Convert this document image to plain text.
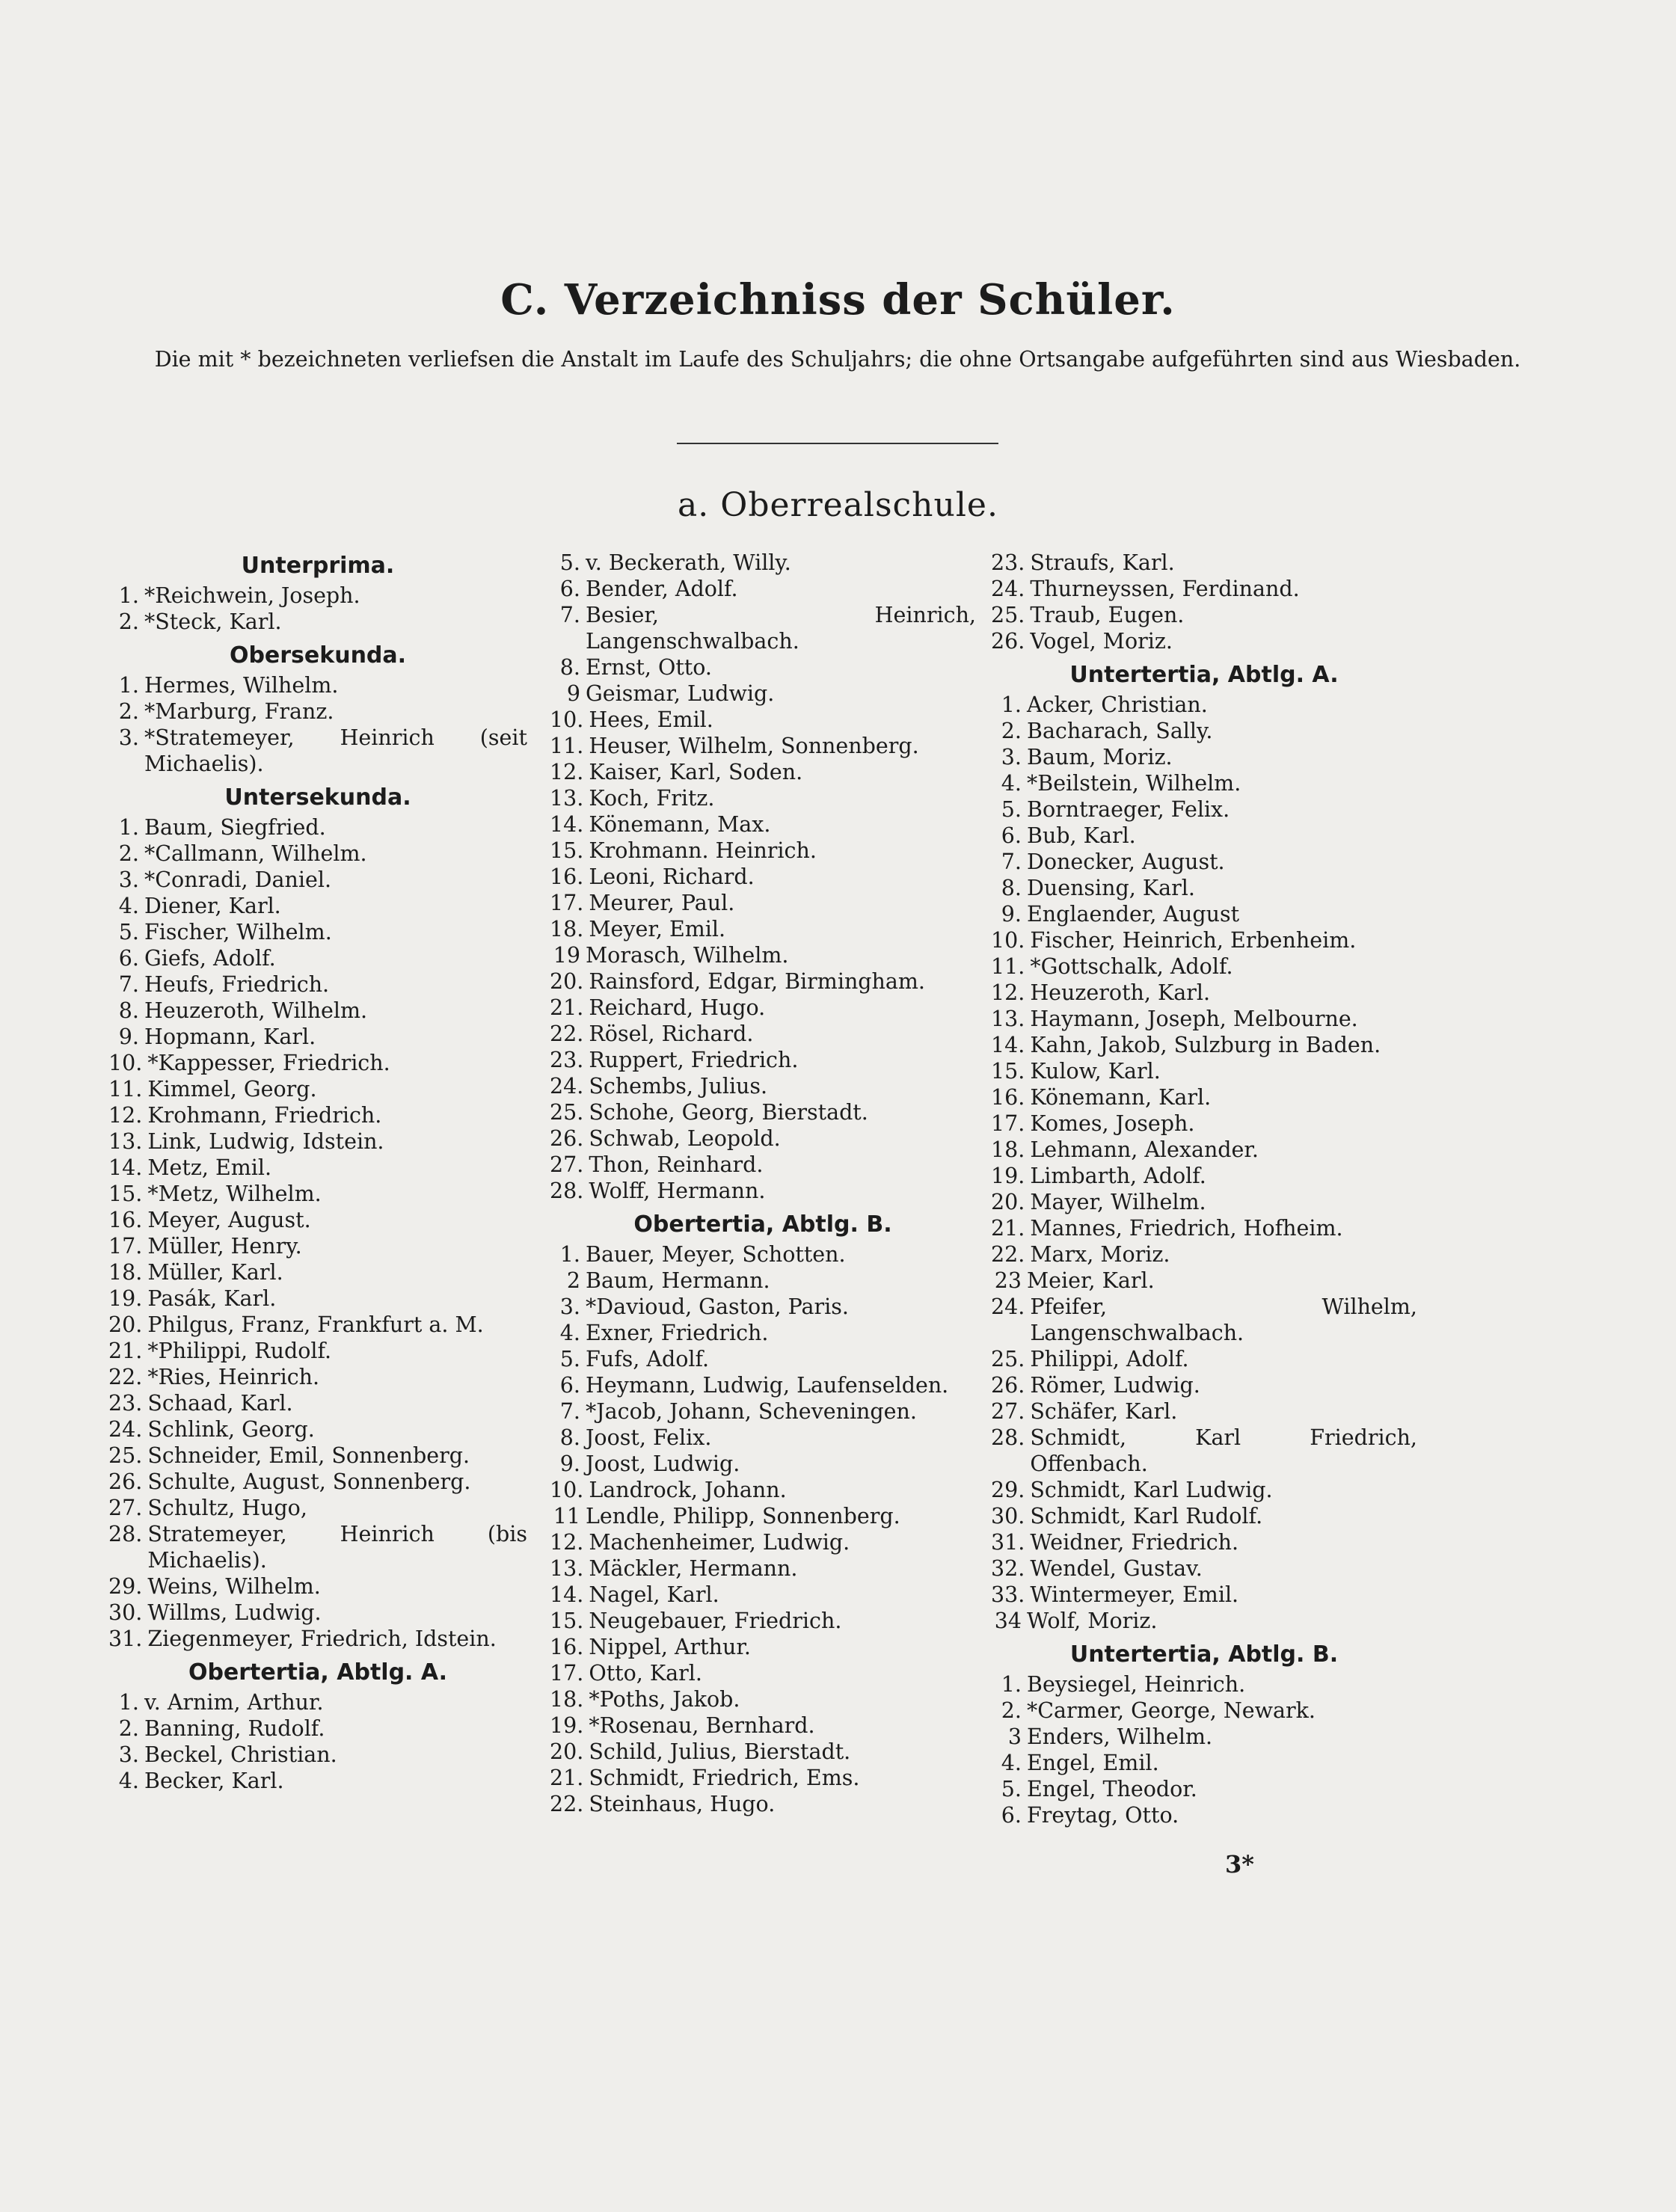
C. Verzeichniss der Schüler.
Die mit * bezeichneten verliefsen die Anstalt im Laufe des Schuljahrs; die ohne Ortsangabe aufgeführten sind aus Wiesbaden.
a. Oberrealschule.
Unterprima.
1. *Reichwein, Joseph.
2. *Steck, Karl.
Obersekunda.
1. Hermes, Wilhelm.
2. *Marburg, Franz.
3. *Stratemeyer, Heinrich (seit Michaelis).
Untersekunda.
1. Baum, Siegfried.
2. *Callmann, Wilhelm.
3. *Conradi, Daniel.
4. Diener, Karl.
5. Fischer, Wilhelm.
6. Giefs, Adolf.
7. Heufs, Friedrich.
8. Heuzeroth, Wilhelm.
9. Hopmann, Karl.
10. *Kappesser, Friedrich.
11. Kimmel, Georg.
12. Krohmann, Friedrich.
13. Link, Ludwig, Idstein.
14. Metz, Emil.
15. *Metz, Wilhelm.
16. Meyer, August.
17. Müller, Henry.
18. Müller, Karl.
19. Pasák, Karl.
20. Philgus, Franz, Frankfurt a. M.
21. *Philippi, Rudolf.
22. *Ries, Heinrich.
23. Schaad, Karl.
24. Schlink, Georg.
25. Schneider, Emil, Sonnenberg.
26. Schulte, August, Sonnenberg.
27. Schultz, Hugo,
28. Stratemeyer, Heinrich (bis Michaelis).
29. Weins, Wilhelm.
30. Willms, Ludwig.
31. Ziegenmeyer, Friedrich, Idstein.
Obertertia, Abtlg. A.
1. v. Arnim, Arthur.
2. Banning, Rudolf.
3. Beckel, Christian.
4. Becker, Karl.
5. v. Beckerath, Willy.
6. Bender, Adolf.
7. Besier, Heinrich, Langenschwalbach.
8. Ernst, Otto.
9 Geismar, Ludwig.
10. Hees, Emil.
11. Heuser, Wilhelm, Sonnenberg.
12. Kaiser, Karl, Soden.
13. Koch, Fritz.
14. Könemann, Max.
15. Krohmann. Heinrich.
16. Leoni, Richard.
17. Meurer, Paul.
18. Meyer, Emil.
19 Morasch, Wilhelm.
20. Rainsford, Edgar, Birmingham.
21. Reichard, Hugo.
22. Rösel, Richard.
23. Ruppert, Friedrich.
24. Schembs, Julius.
25. Schohe, Georg, Bierstadt.
26. Schwab, Leopold.
27. Thon, Reinhard.
28. Wolff, Hermann.
Obertertia, Abtlg. B.
1. Bauer, Meyer, Schotten.
2 Baum, Hermann.
3. *Davioud, Gaston, Paris.
4. Exner, Friedrich.
5. Fufs, Adolf.
6. Heymann, Ludwig, Laufenselden.
7. *Jacob, Johann, Scheveningen.
8. Joost, Felix.
9. Joost, Ludwig.
10. Landrock, Johann.
11 Lendle, Philipp, Sonnenberg.
12. Machenheimer, Ludwig.
13. Mäckler, Hermann.
14. Nagel, Karl.
15. Neugebauer, Friedrich.
16. Nippel, Arthur.
17. Otto, Karl.
18. *Poths, Jakob.
19. *Rosenau, Bernhard.
20. Schild, Julius, Bierstadt.
21. Schmidt, Friedrich, Ems.
22. Steinhaus, Hugo.
23. Straufs, Karl.
24. Thurneyssen, Ferdinand.
25. Traub, Eugen.
26. Vogel, Moriz.
Untertertia, Abtlg. A.
1. Acker, Christian.
2. Bacharach, Sally.
3. Baum, Moriz.
4. *Beilstein, Wilhelm.
5. Borntraeger, Felix.
6. Bub, Karl.
7. Donecker, August.
8. Duensing, Karl.
9. Englaender, August
10. Fischer, Heinrich, Erbenheim.
11. *Gottschalk, Adolf.
12. Heuzeroth, Karl.
13. Haymann, Joseph, Melbourne.
14. Kahn, Jakob, Sulzburg in Baden.
15. Kulow, Karl.
16. Könemann, Karl.
17. Komes, Joseph.
18. Lehmann, Alexander.
19. Limbarth, Adolf.
20. Mayer, Wilhelm.
21. Mannes, Friedrich, Hofheim.
22. Marx, Moriz.
23 Meier, Karl.
24. Pfeifer, Wilhelm, Langenschwalbach.
25. Philippi, Adolf.
26. Römer, Ludwig.
27. Schäfer, Karl.
28. Schmidt, Karl Friedrich, Offenbach.
29. Schmidt, Karl Ludwig.
30. Schmidt, Karl Rudolf.
31. Weidner, Friedrich.
32. Wendel, Gustav.
33. Wintermeyer, Emil.
34 Wolf, Moriz.
Untertertia, Abtlg. B.
1. Beysiegel, Heinrich.
2. *Carmer, George, Newark.
3 Enders, Wilhelm.
4. Engel, Emil.
5. Engel, Theodor.
6. Freytag, Otto.
3*
